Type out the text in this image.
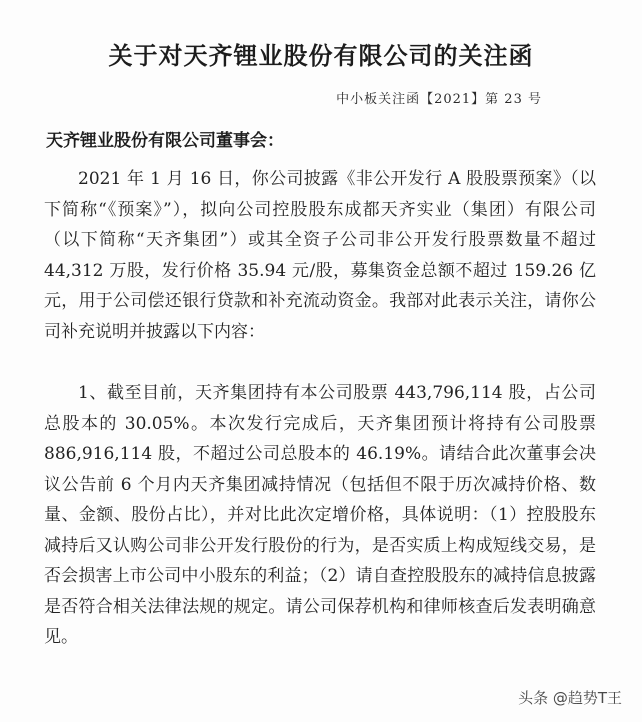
关于对天齐锂业股份有限公司的关注函
中小板关注函【2021】第 23 号
天齐锂业股份有限公司董事会：

2021 年 1 月 16 日，你公司披露《非公开发行 A 股股票预案》（以下简称“《预案》”），拟向公司控股股东成都天齐实业（集团）有限公司（以下简称“天齐集团”）或其全资子公司非公开发行股票数量不超过 44,312 万股，发行价格 35.94 元/股，募集资金总额不超过 159.26 亿元，用于公司偿还银行贷款和补充流动资金。我部对此表示关注，请你公司补充说明并披露以下内容：

1、截至目前，天齐集团持有本公司股票 443,796,114 股，占公司总股本的 30.05%。本次发行完成后，天齐集团预计将持有公司股票 886,916,114 股，不超过公司总股本的 46.19%。请结合此次董事会决议公告前 6 个月内天齐集团减持情况（包括但不限于历次减持价格、数量、金额、股份占比），并对比此次定增价格，具体说明：（1）控股股东减持后又认购公司非公开发行股份的行为，是否实质上构成短线交易，是否会损害上市公司中小股东的利益；（2）请自查控股股东的减持信息披露是否符合相关法律法规的规定。请公司保荐机构和律师核查后发表明确意见。

头条 @趋势T王
